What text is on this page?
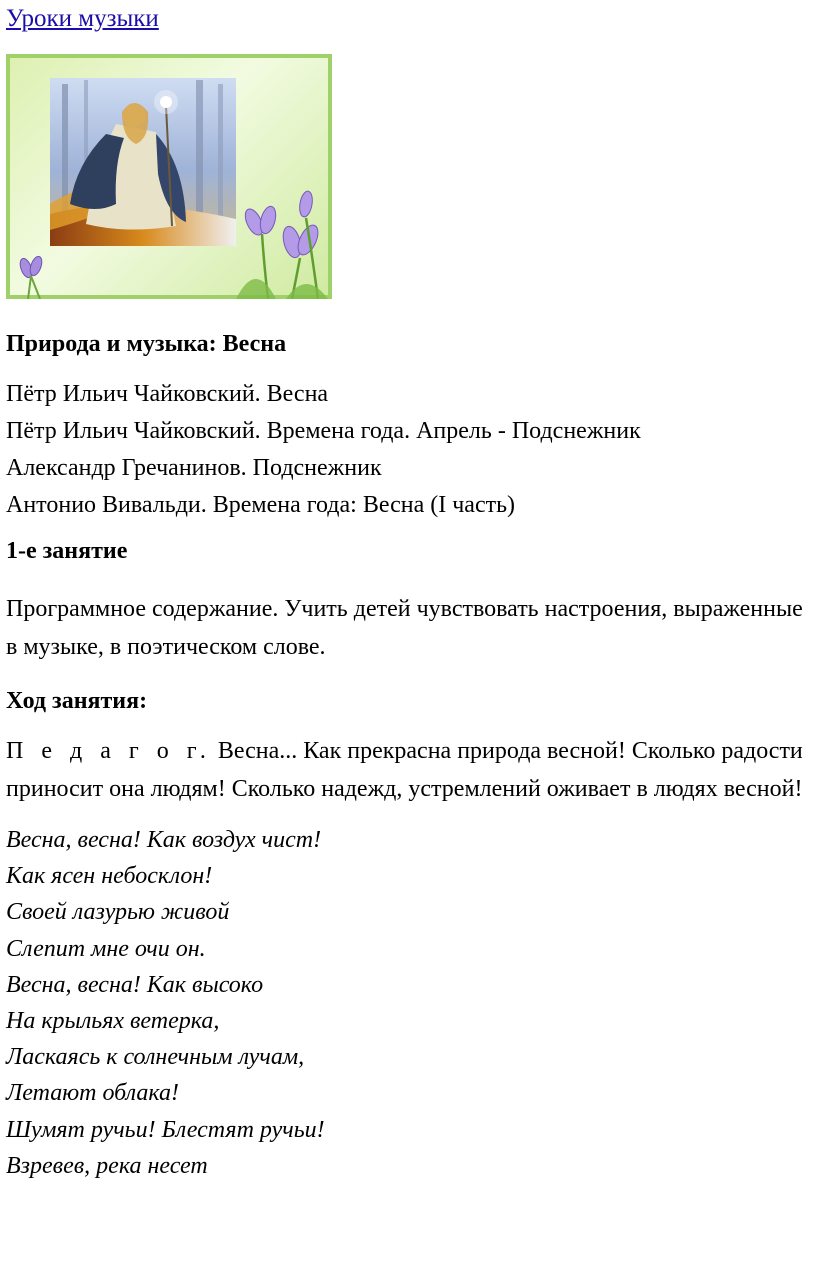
Уроки музыки
Природа и музыка: Весна
Пётр Ильич Чайковский. Весна
Пётр Ильич Чайковский. Времена года. Апрель - Подснежник
Александр Гречанинов. Подснежник
Антонио Вивальди. Времена года: Весна (I часть)
1-е занятие

Программное содержание. Учить детей чувствовать настроения, выраженные в музыке, в поэтическом слове.

Ход занятия:

П е д а г о г. Весна... Как прекрасна природа весной! Сколько радости приносит она людям! Сколько надежд, устремлений оживает в людях весной!

Весна, весна! Как воздух чист!
Как ясен небосклон!
Своей лазурью живой
Слепит мне очи он.
Весна, весна! Как высоко
На крыльях ветерка,
Ласкаясь к солнечным лучам,
Летают облака!
Шумят ручьи! Блестят ручьи!
Взревев, река несет
